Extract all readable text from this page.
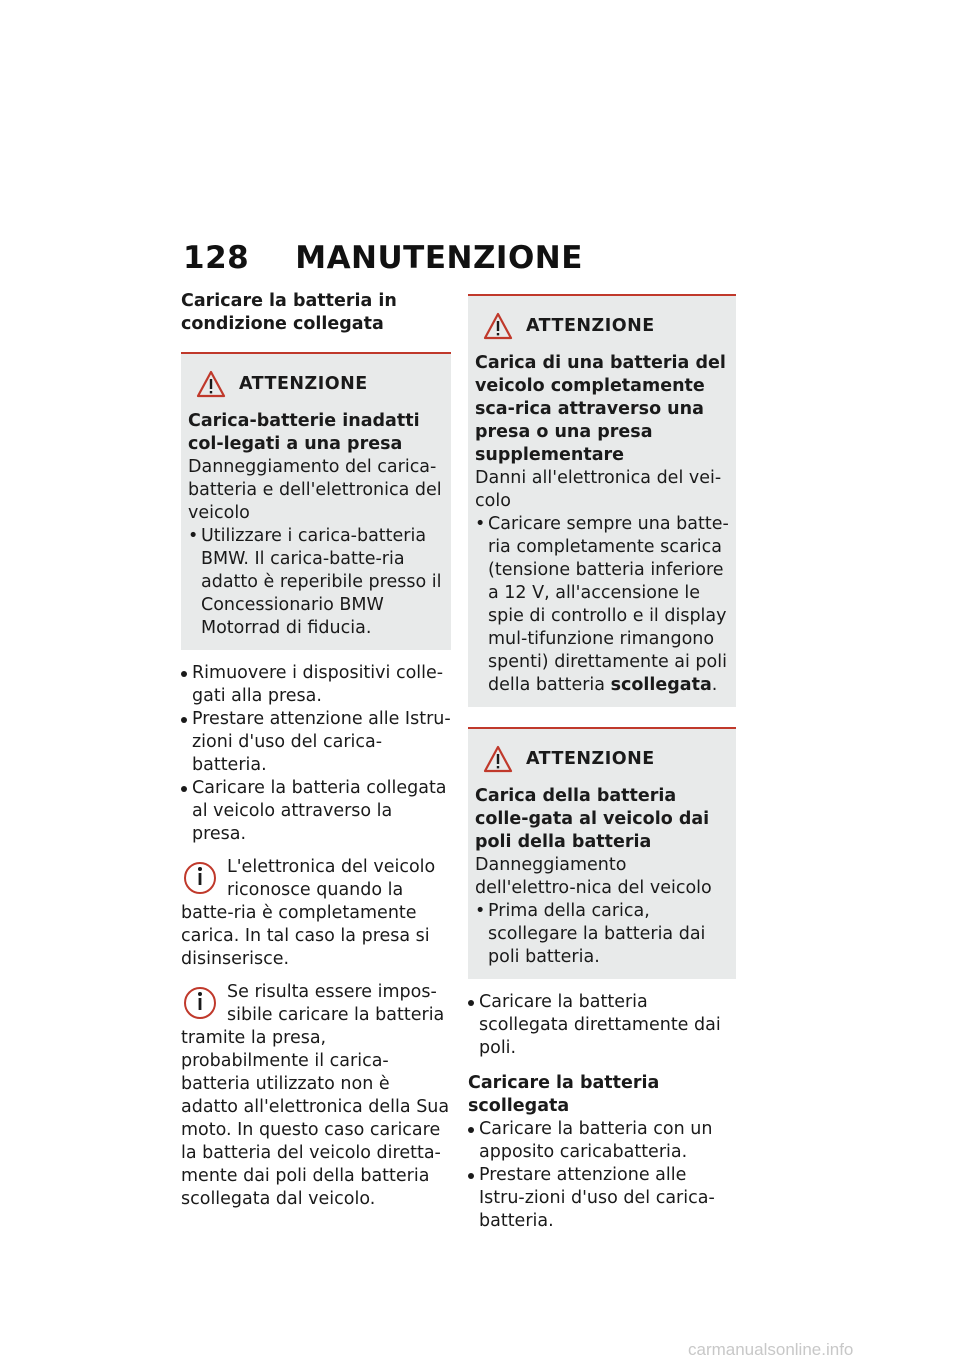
128 MANUTENZIONE
Caricare la batteria in condizione collegata
ATTENZIONE
Carica-batterie inadatti col-legati a una presa
Danneggiamento del carica-batteria e dell'elettronica del veicolo
• Utilizzare i carica-batteria BMW. Il carica-batte-ria adatto è reperibile presso il Concessionario BMW Motorrad di fiducia.
Rimuovere i dispositivi colle-gati alla presa.
Prestare attenzione alle Istru-zioni d'uso del carica-batteria.
Caricare la batteria collegata al veicolo attraverso la presa.

L'elettronica del veicolo riconosce quando la batte-ria è completamente carica. In tal caso la presa si disinserisce.

Se risulta essere impos-sibile caricare la batteria tramite la presa, probabilmente il carica-batteria utilizzato non è adatto all'elettronica della Sua moto. In questo caso caricare la batteria del veicolo diretta-mente dai poli della batteria scollegata dal veicolo.

ATTENZIONE
Carica di una batteria del veicolo completamente sca-rica attraverso una presa o una presa supplementare
Danni all'elettronica del vei-colo
• Caricare sempre una batte-ria completamente scarica (tensione batteria inferiore a 12 V, all'accensione le spie di controllo e il display mul-tifunzione rimangono spenti) direttamente ai poli della batteria scollegata.
ATTENZIONE
Carica della batteria colle-gata al veicolo dai poli della batteria
Danneggiamento dell'elettro-nica del veicolo
• Prima della carica, scollegare la batteria dai poli batteria.
Caricare la batteria scollegata direttamente dai poli.
Caricare la batteria scollegata
Caricare la batteria con un apposito caricabatteria.
Prestare attenzione alle Istru-zioni d'uso del carica-batteria.
carmanualsonline.info
